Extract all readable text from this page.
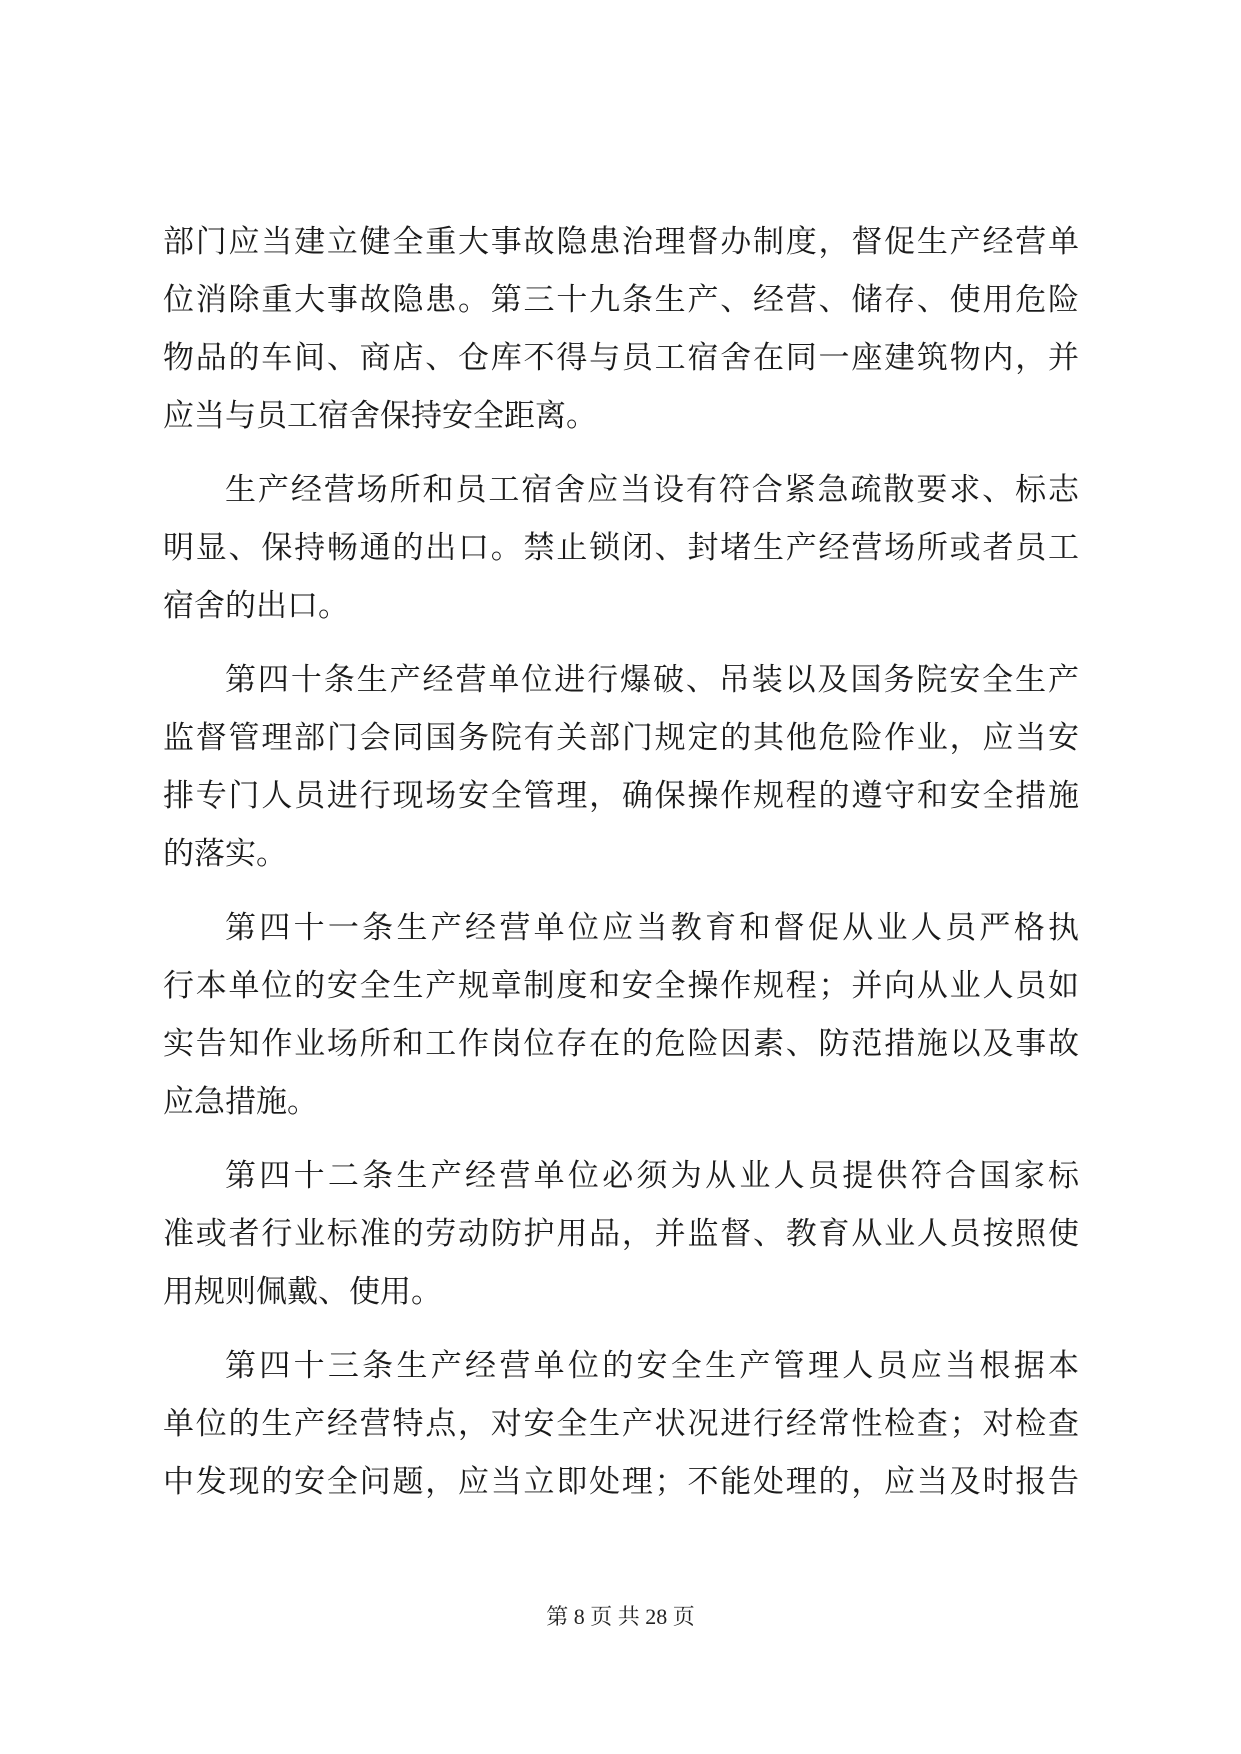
部门应当建立健全重大事故隐患治理督办制度，督促生产经营单
位消除重大事故隐患。第三十九条生产、经营、储存、使用危险
物品的车间、商店、仓库不得与员工宿舍在同一座建筑物内，并
应当与员工宿舍保持安全距离。
生产经营场所和员工宿舍应当设有符合紧急疏散要求、标志
明显、保持畅通的出口。禁止锁闭、封堵生产经营场所或者员工
宿舍的出口。
第四十条生产经营单位进行爆破、吊装以及国务院安全生产
监督管理部门会同国务院有关部门规定的其他危险作业，应当安
排专门人员进行现场安全管理，确保操作规程的遵守和安全措施
的落实。
第四十一条生产经营单位应当教育和督促从业人员严格执
行本单位的安全生产规章制度和安全操作规程；并向从业人员如
实告知作业场所和工作岗位存在的危险因素、防范措施以及事故
应急措施。
第四十二条生产经营单位必须为从业人员提供符合国家标
准或者行业标准的劳动防护用品，并监督、教育从业人员按照使
用规则佩戴、使用。
第四十三条生产经营单位的安全生产管理人员应当根据本
单位的生产经营特点，对安全生产状况进行经常性检查；对检查
中发现的安全问题，应当立即处理；不能处理的，应当及时报告
第 8 页 共 28 页
